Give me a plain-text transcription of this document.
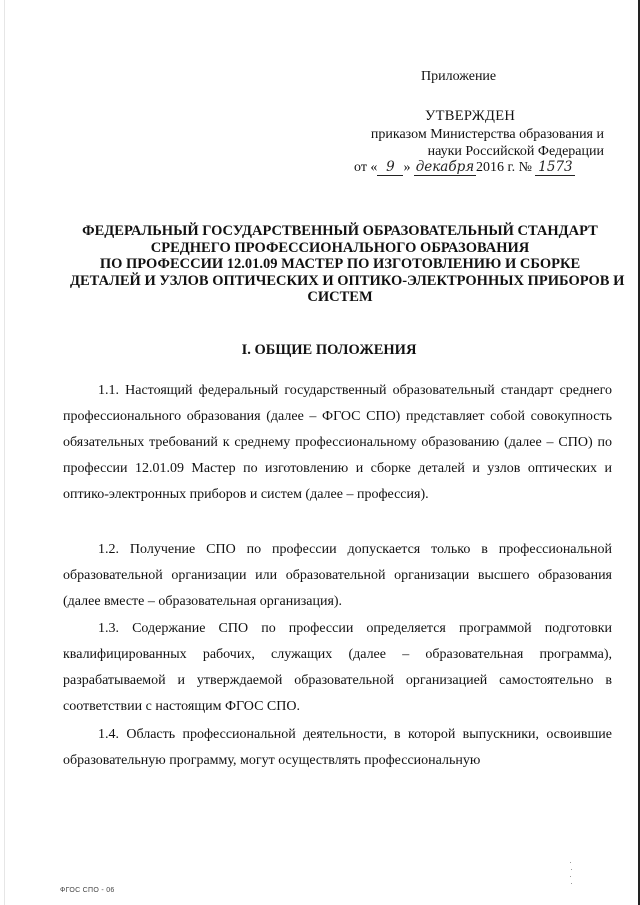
Приложение
УТВЕРЖДЕН
приказом Министерства образования и
науки Российской Федерации
от « 9 » декабря 2016 г. № 1573
ФЕДЕРАЛЬНЫЙ ГОСУДАРСТВЕННЫЙ ОБРАЗОВАТЕЛЬНЫЙ СТАНДАРТ
СРЕДНЕГО ПРОФЕССИОНАЛЬНОГО ОБРАЗОВАНИЯ
ПО ПРОФЕССИИ 12.01.09 МАСТЕР ПО ИЗГОТОВЛЕНИЮ И СБОРКЕ
ДЕТАЛЕЙ И УЗЛОВ ОПТИЧЕСКИХ И ОПТИКО-ЭЛЕКТРОННЫХ ПРИБОРОВ И
СИСТЕМ
I. ОБЩИЕ ПОЛОЖЕНИЯ

1.1. Настоящий федеральный государственный образовательный стандарт среднего профессионального образования (далее – ФГОС СПО) представляет собой совокупность обязательных требований к среднему профессиональному образованию (далее – СПО) по профессии 12.01.09 Мастер по изготовлению и сборке деталей и узлов оптических и оптико-электронных приборов и систем (далее – профессия).

1.2. Получение СПО по профессии допускается только в профессиональной образовательной организации или образовательной организации высшего образования (далее вместе – образовательная организация).

1.3. Содержание СПО по профессии определяется программой подготовки квалифицированных рабочих, служащих (далее – образовательная программа), разрабатываемой и утверждаемой образовательной организацией самостоятельно в соответствии с настоящим ФГОС СПО.

1.4. Область профессиональной деятельности, в которой выпускники, освоившие образовательную программу, могут осуществлять профессиональную

ФГОС СПО - 06
